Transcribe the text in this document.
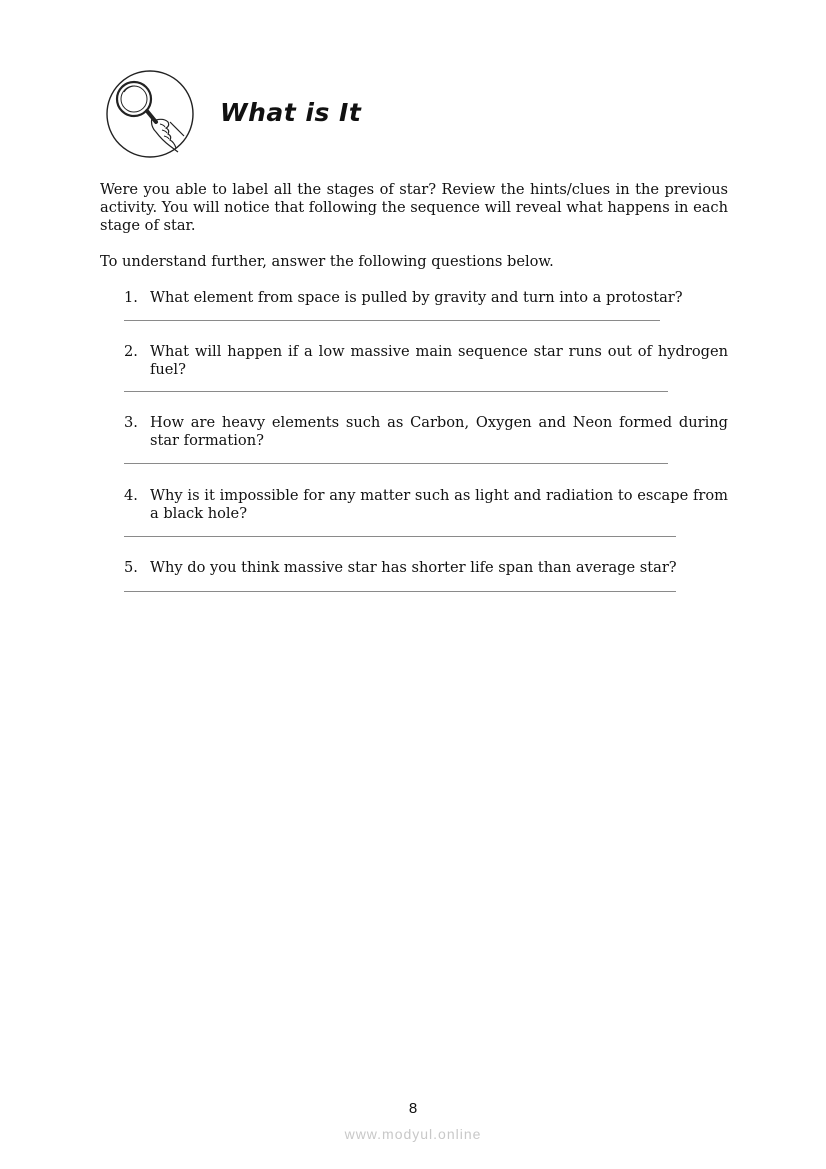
What is It

Were you able to label all the stages of star? Review the hints/clues in the previous activity. You will notice that following the sequence will reveal what happens in each stage of star.

To understand further, answer the following questions below.

1. What element from space is pulled by gravity and turn into a protostar?
2. What will happen if a low massive main sequence star runs out of hydrogen fuel?
3. How are heavy elements such as Carbon, Oxygen and Neon formed during star formation?
4. Why is it impossible for any matter such as light and radiation to escape from a black hole?
5. Why do you think massive star has shorter life span than average star?
8
www.modyul.online
